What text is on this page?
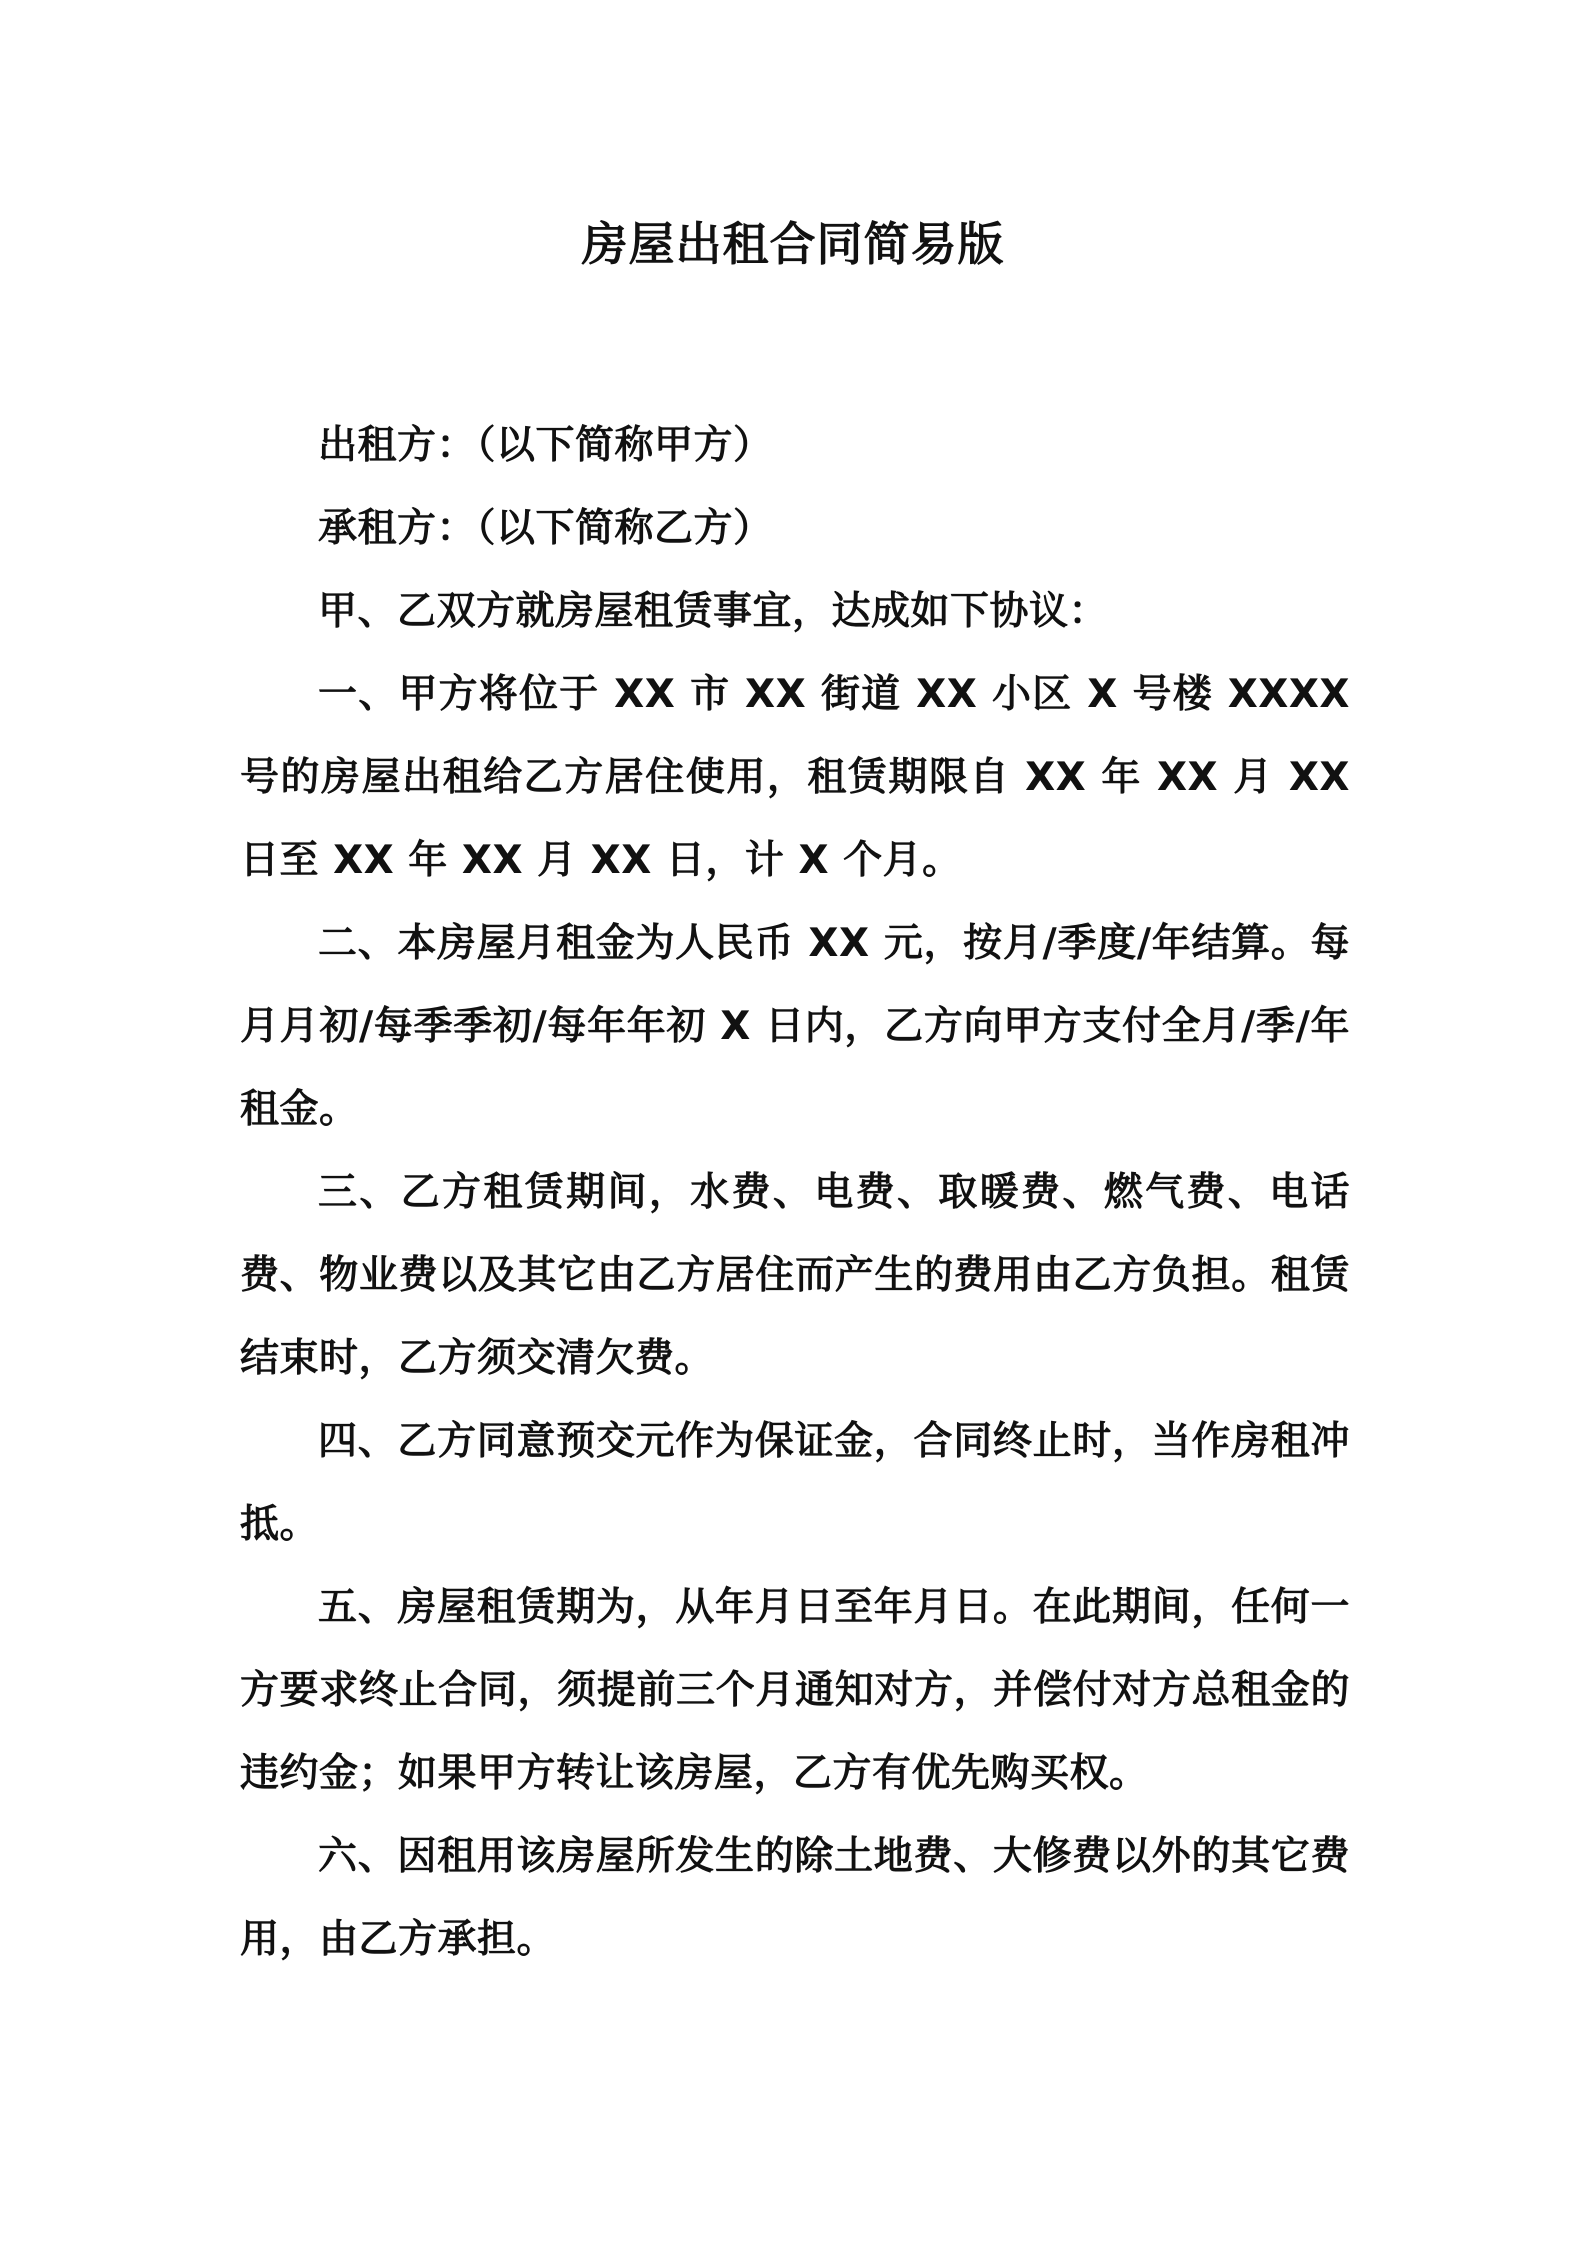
房屋出租合同简易版

出租方：（以下简称甲方）

承租方：（以下简称乙方）

甲、乙双方就房屋租赁事宜，达成如下协议：

一、甲方将位于 XX 市 XX 街道 XX 小区 X 号楼 XXXX 号的房屋出租给乙方居住使用，租赁期限自 XX 年 XX 月 XX 日至 XX 年 XX 月 XX 日，计 X 个月。

二、本房屋月租金为人民币 XX 元，按月/季度/年结算。每月月初/每季季初/每年年初 X 日内，乙方向甲方支付全月/季/年租金。

三、乙方租赁期间，水费、电费、取暖费、燃气费、电话费、物业费以及其它由乙方居住而产生的费用由乙方负担。租赁结束时，乙方须交清欠费。

四、乙方同意预交元作为保证金，合同终止时，当作房租冲抵。

五、房屋租赁期为，从年月日至年月日。在此期间，任何一方要求终止合同，须提前三个月通知对方，并偿付对方总租金的违约金；如果甲方转让该房屋，乙方有优先购买权。

六、因租用该房屋所发生的除土地费、大修费以外的其它费用，由乙方承担。
